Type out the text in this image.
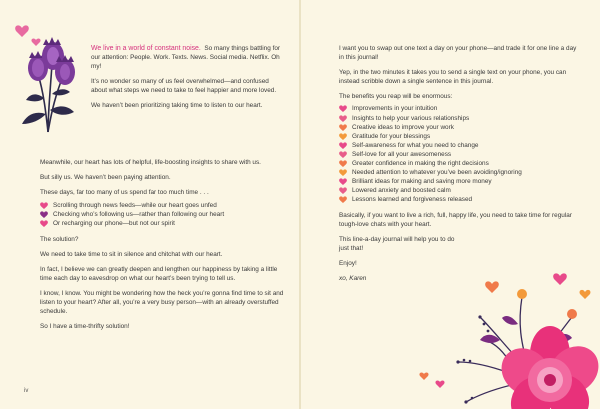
We live in a world of constant noise. So many things battling for our attention: People. Work. Texts. News. Social media. Netflix. Oh my!

It’s no wonder so many of us feel overwhelmed—and confused about what steps we need to take to feel happier and more loved.

We haven’t been prioritizing taking time to listen to our heart.

Meanwhile, our heart has lots of helpful, life-boosting insights to share with us.

But silly us. We haven’t been paying attention.

These days, far too many of us spend far too much time . . .

Scrolling through news feeds—while our heart goes unfed
Checking who’s following us—rather than following our heart
Or recharging our phone—but not our spirit

The solution?

We need to take time to sit in silence and chitchat with our heart.

In fact, I believe we can greatly deepen and lengthen our happiness by taking a little time each day to eavesdrop on what our heart’s been trying to tell us.

I know, I know. You might be wondering how the heck you’re gonna find time to sit and listen to your heart? After all, you’re a very busy person—with an already overstuffed schedule.

So I have a time-thrifty solution!

iv

I want you to swap out one text a day on your phone—and trade it for one line a day in this journal!

Yep, in the two minutes it takes you to send a single text on your phone, you can instead scribble down a single sentence in this journal.

The benefits you reap will be enormous:

Improvements in your intuition
Insights to help your various relationships
Creative ideas to improve your work
Gratitude for your blessings
Self-awareness for what you need to change
Self-love for all your awesomeness
Greater confidence in making the right decisions
Needed attention to whatever you’ve been avoiding/ignoring
Brilliant ideas for making and saving more money
Lowered anxiety and boosted calm
Lessons learned and forgiveness released

Basically, if you want to live a rich, full, happy life, you need to take time for regular tough-love chats with your heart.

This line-a-day journal will help you to do just that!

Enjoy!

xo, Karen
